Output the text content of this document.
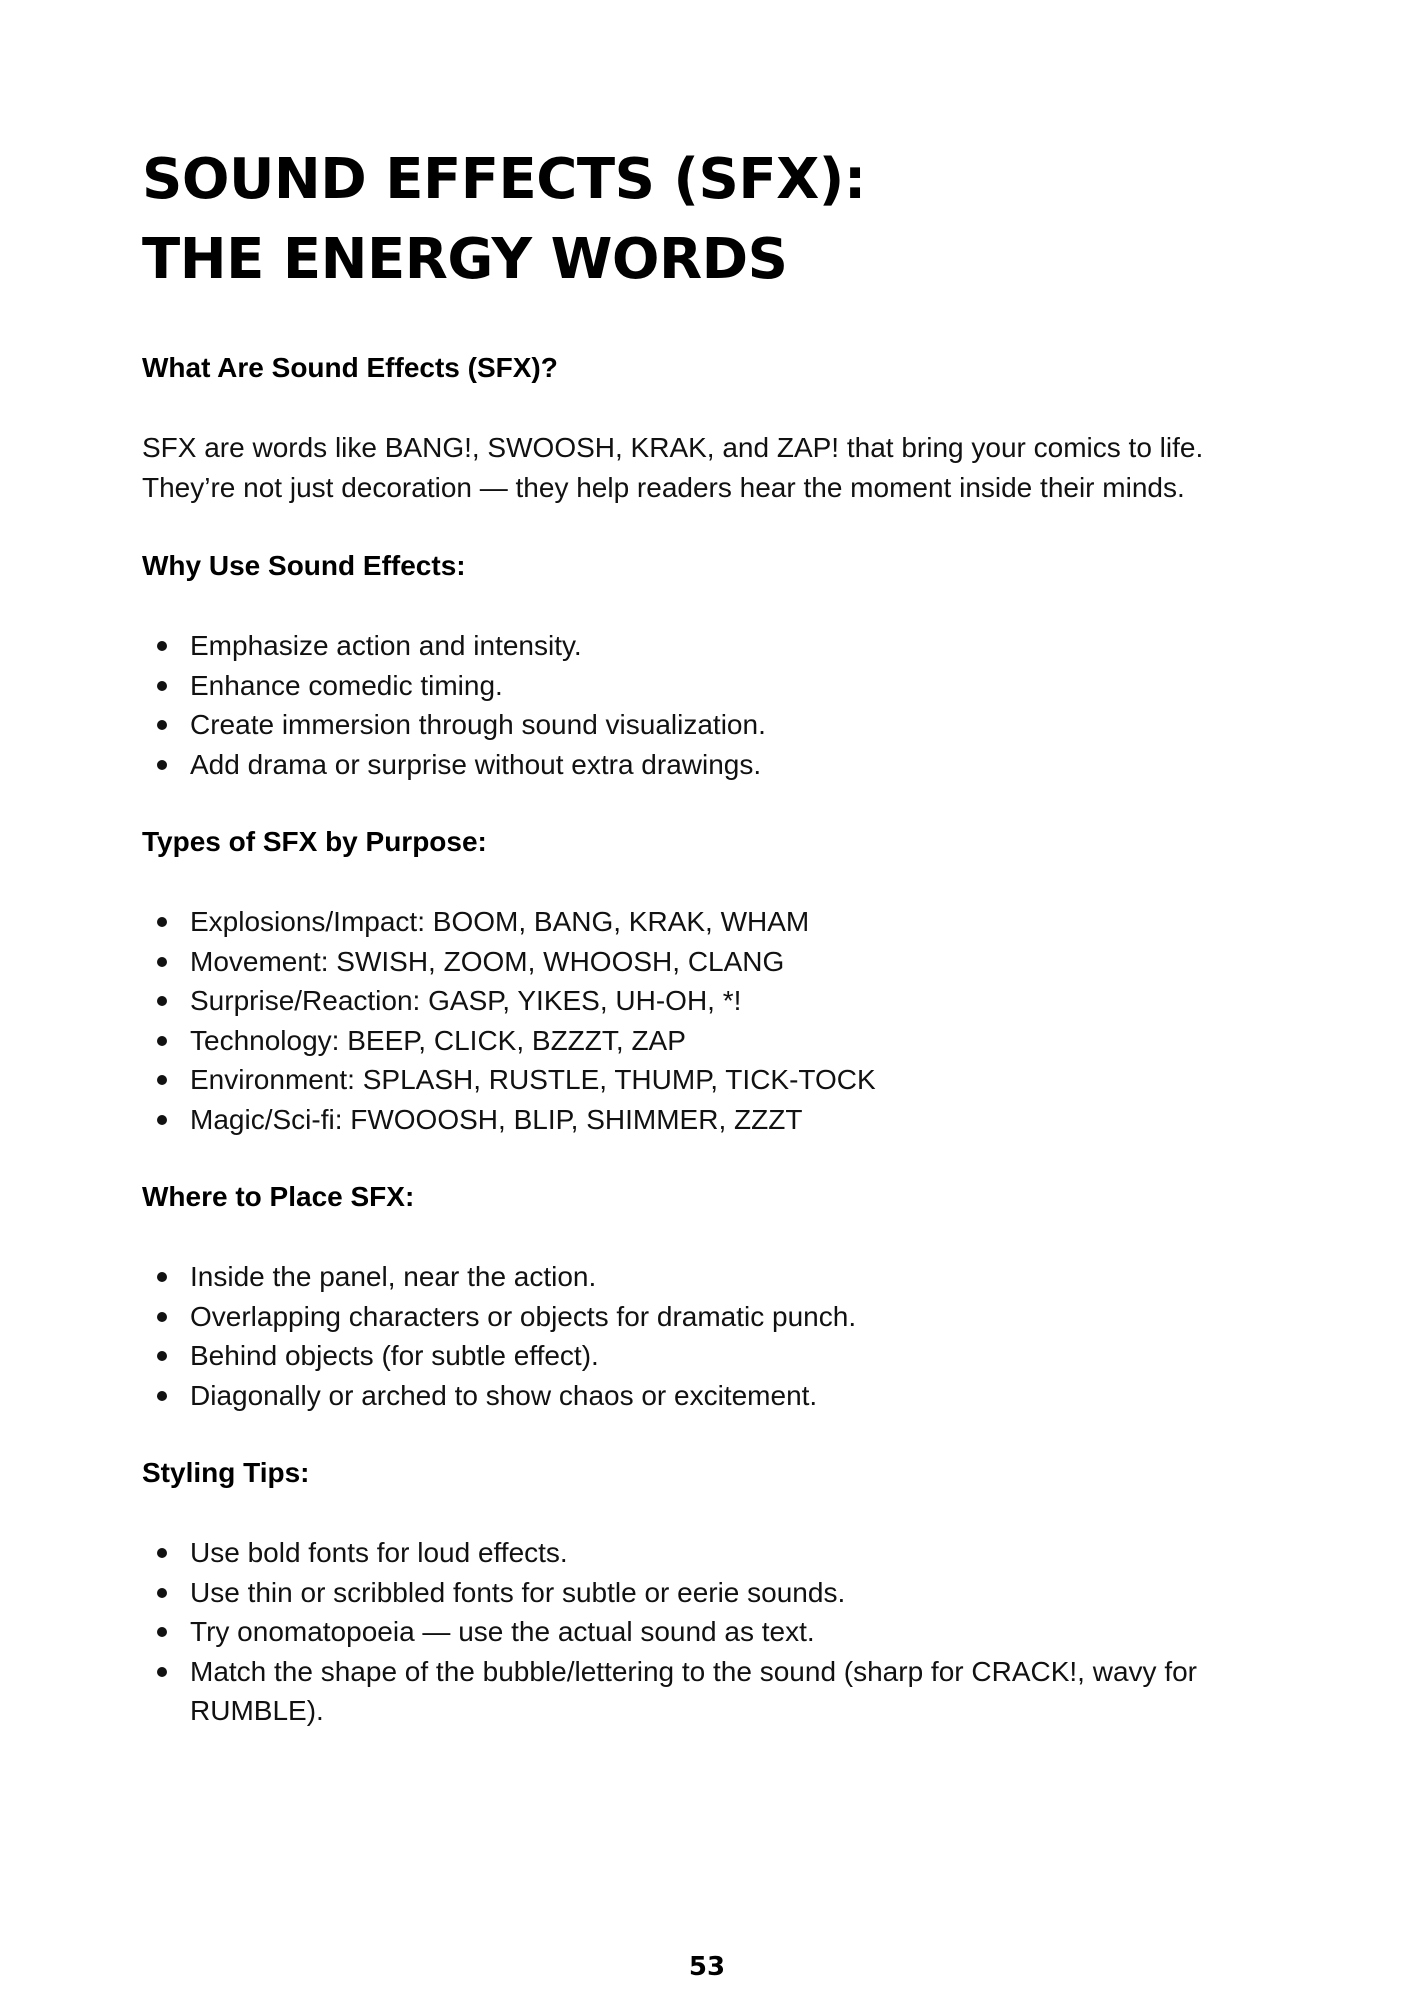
SOUND EFFECTS (SFX):
THE ENERGY WORDS
What Are Sound Effects (SFX)?

SFX are words like BANG!, SWOOSH, KRAK, and ZAP! that bring your comics to life. They’re not just decoration — they help readers hear the moment inside their minds.

Why Use Sound Effects:
Emphasize action and intensity.
Enhance comedic timing.
Create immersion through sound visualization.
Add drama or surprise without extra drawings.
Types of SFX by Purpose:
Explosions/Impact: BOOM, BANG, KRAK, WHAM
Movement: SWISH, ZOOM, WHOOSH, CLANG
Surprise/Reaction: GASP, YIKES, UH-OH, *!
Technology: BEEP, CLICK, BZZZT, ZAP
Environment: SPLASH, RUSTLE, THUMP, TICK-TOCK
Magic/Sci-fi: FWOOOSH, BLIP, SHIMMER, ZZZT
Where to Place SFX:
Inside the panel, near the action.
Overlapping characters or objects for dramatic punch.
Behind objects (for subtle effect).
Diagonally or arched to show chaos or excitement.
Styling Tips:
Use bold fonts for loud effects.
Use thin or scribbled fonts for subtle or eerie sounds.
Try onomatopoeia — use the actual sound as text.
Match the shape of the bubble/lettering to the sound (sharp for CRACK!, wavy for RUMBLE).
53
